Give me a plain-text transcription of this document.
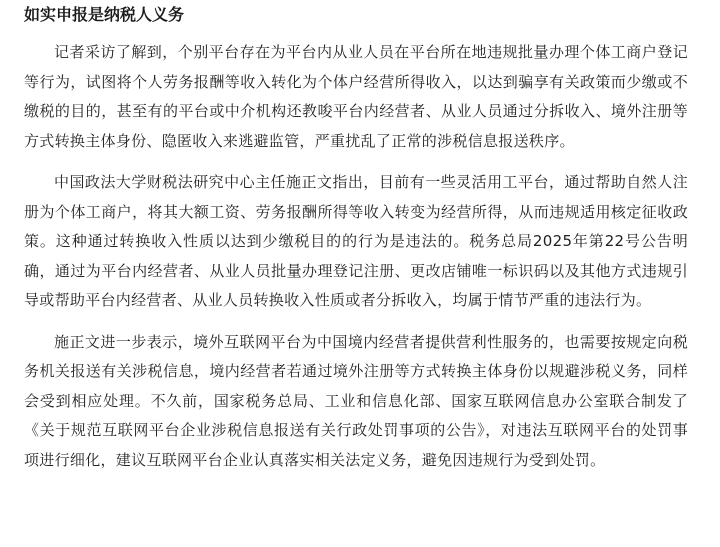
如实申报是纳税人义务

记者采访了解到，个别平台存在为平台内从业人员在平台所在地违规批量办理个体工商户登记等行为，试图将个人劳务报酬等收入转化为个体户经营所得收入，以达到骗享有关政策而少缴或不缴税的目的，甚至有的平台或中介机构还教唆平台内经营者、从业人员通过分拆收入、境外注册等方式转换主体身份、隐匿收入来逃避监管，严重扰乱了正常的涉税信息报送秩序。

中国政法大学财税法研究中心主任施正文指出，目前有一些灵活用工平台，通过帮助自然人注册为个体工商户，将其大额工资、劳务报酬所得等收入转变为经营所得，从而违规适用核定征收政策。这种通过转换收入性质以达到少缴税目的的行为是违法的。税务总局2025年第22号公告明确，通过为平台内经营者、从业人员批量办理登记注册、更改店铺唯一标识码以及其他方式违规引导或帮助平台内经营者、从业人员转换收入性质或者分拆收入，均属于情节严重的违法行为。

施正文进一步表示，境外互联网平台为中国境内经营者提供营利性服务的，也需要按规定向税务机关报送有关涉税信息，境内经营者若通过境外注册等方式转换主体身份以规避涉税义务，同样会受到相应处理。不久前，国家税务总局、工业和信息化部、国家互联网信息办公室联合制发了《关于规范互联网平台企业涉税信息报送有关行政处罚事项的公告》，对违法互联网平台的处罚事项进行细化，建议互联网平台企业认真落实相关法定义务，避免因违规行为受到处罚。
